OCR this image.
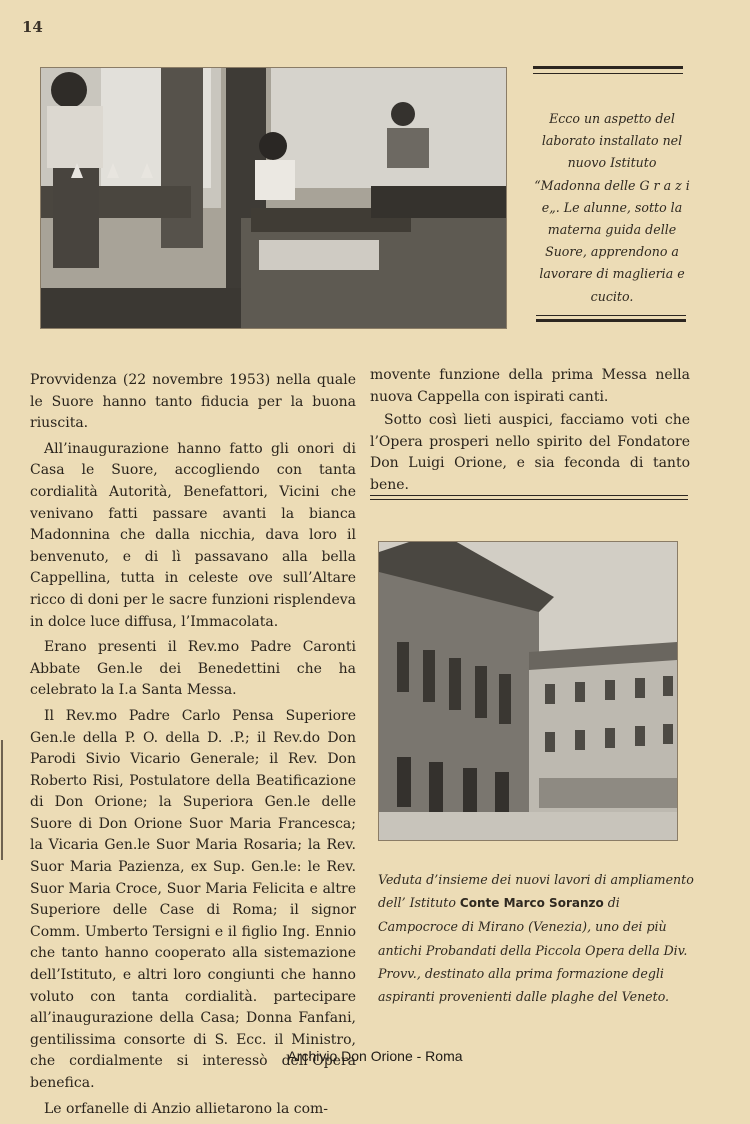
14

Ecco un aspetto del laborato installato nel nuovo Istituto “Madonna delle G r a z i e„. Le alunne, sotto la materna guida delle Suore, apprendono a lavorare di maglieria e cucito.

Provvidenza (22 novembre 1953) nella quale le Suore hanno tanto fiducia per la buona riuscita.

All’inaugurazione hanno fatto gli onori di Casa le Suore, accogliendo con tanta cordialità Autorità, Benefattori, Vicini che venivano fatti passare avanti la bianca Madonnina che dalla nicchia, dava loro il benvenuto, e di lì passavano alla bella Cappellina, tutta in celeste ove sull’Altare ricco di doni per le sacre funzioni risplendeva in dolce luce diffusa, l’Immacolata.

Erano presenti il Rev.mo Padre Caronti Abbate Gen.le dei Benedettini che ha celebrato la I.a Santa Messa.

Il Rev.mo Padre Carlo Pensa Superiore Gen.le della P. O. della D. .P.; il Rev.do Don Parodi Sivio Vicario Generale; il Rev. Don Roberto Risi, Postulatore della Beatificazione di Don Orione; la Superiora Gen.le delle Suore di Don Orione Suor Maria Francesca; la Vicaria Gen.le Suor Maria Rosaria; la Rev. Suor Maria Pazienza, ex Sup. Gen.le: le Rev. Suor Maria Croce, Suor Maria Felicita e altre Superiore delle Case di Roma; il signor Comm. Umberto Tersigni e il figlio Ing. Ennio che tanto hanno cooperato alla sistemazione dell’Istituto, e altri loro congiunti che hanno voluto con tanta cordialità. partecipare all’inaugurazione della Casa; Donna Fanfani, gentilissima consorte di S. Ecc. il Ministro, che cordialmente si interessò dell’Opera benefica.

Le orfanelle di Anzio allietarono la com-

movente funzione della prima Messa nella nuova Cappella con ispirati canti.

Sotto così lieti auspici, facciamo voti che l’Opera prosperi nello spirito del Fondatore Don Luigi Orione, e sia feconda di tanto bene.

Veduta d’insieme dei nuovi lavori di ampliamento dell’ Istituto Conte Marco Soranzo di Campocroce di Mirano (Venezia), uno dei più antichi Probandati della Piccola Opera della Div. Provv., destinato alla prima formazione degli aspiranti provenienti dalle plaghe del Veneto.

Archivio Don Orione - Roma
